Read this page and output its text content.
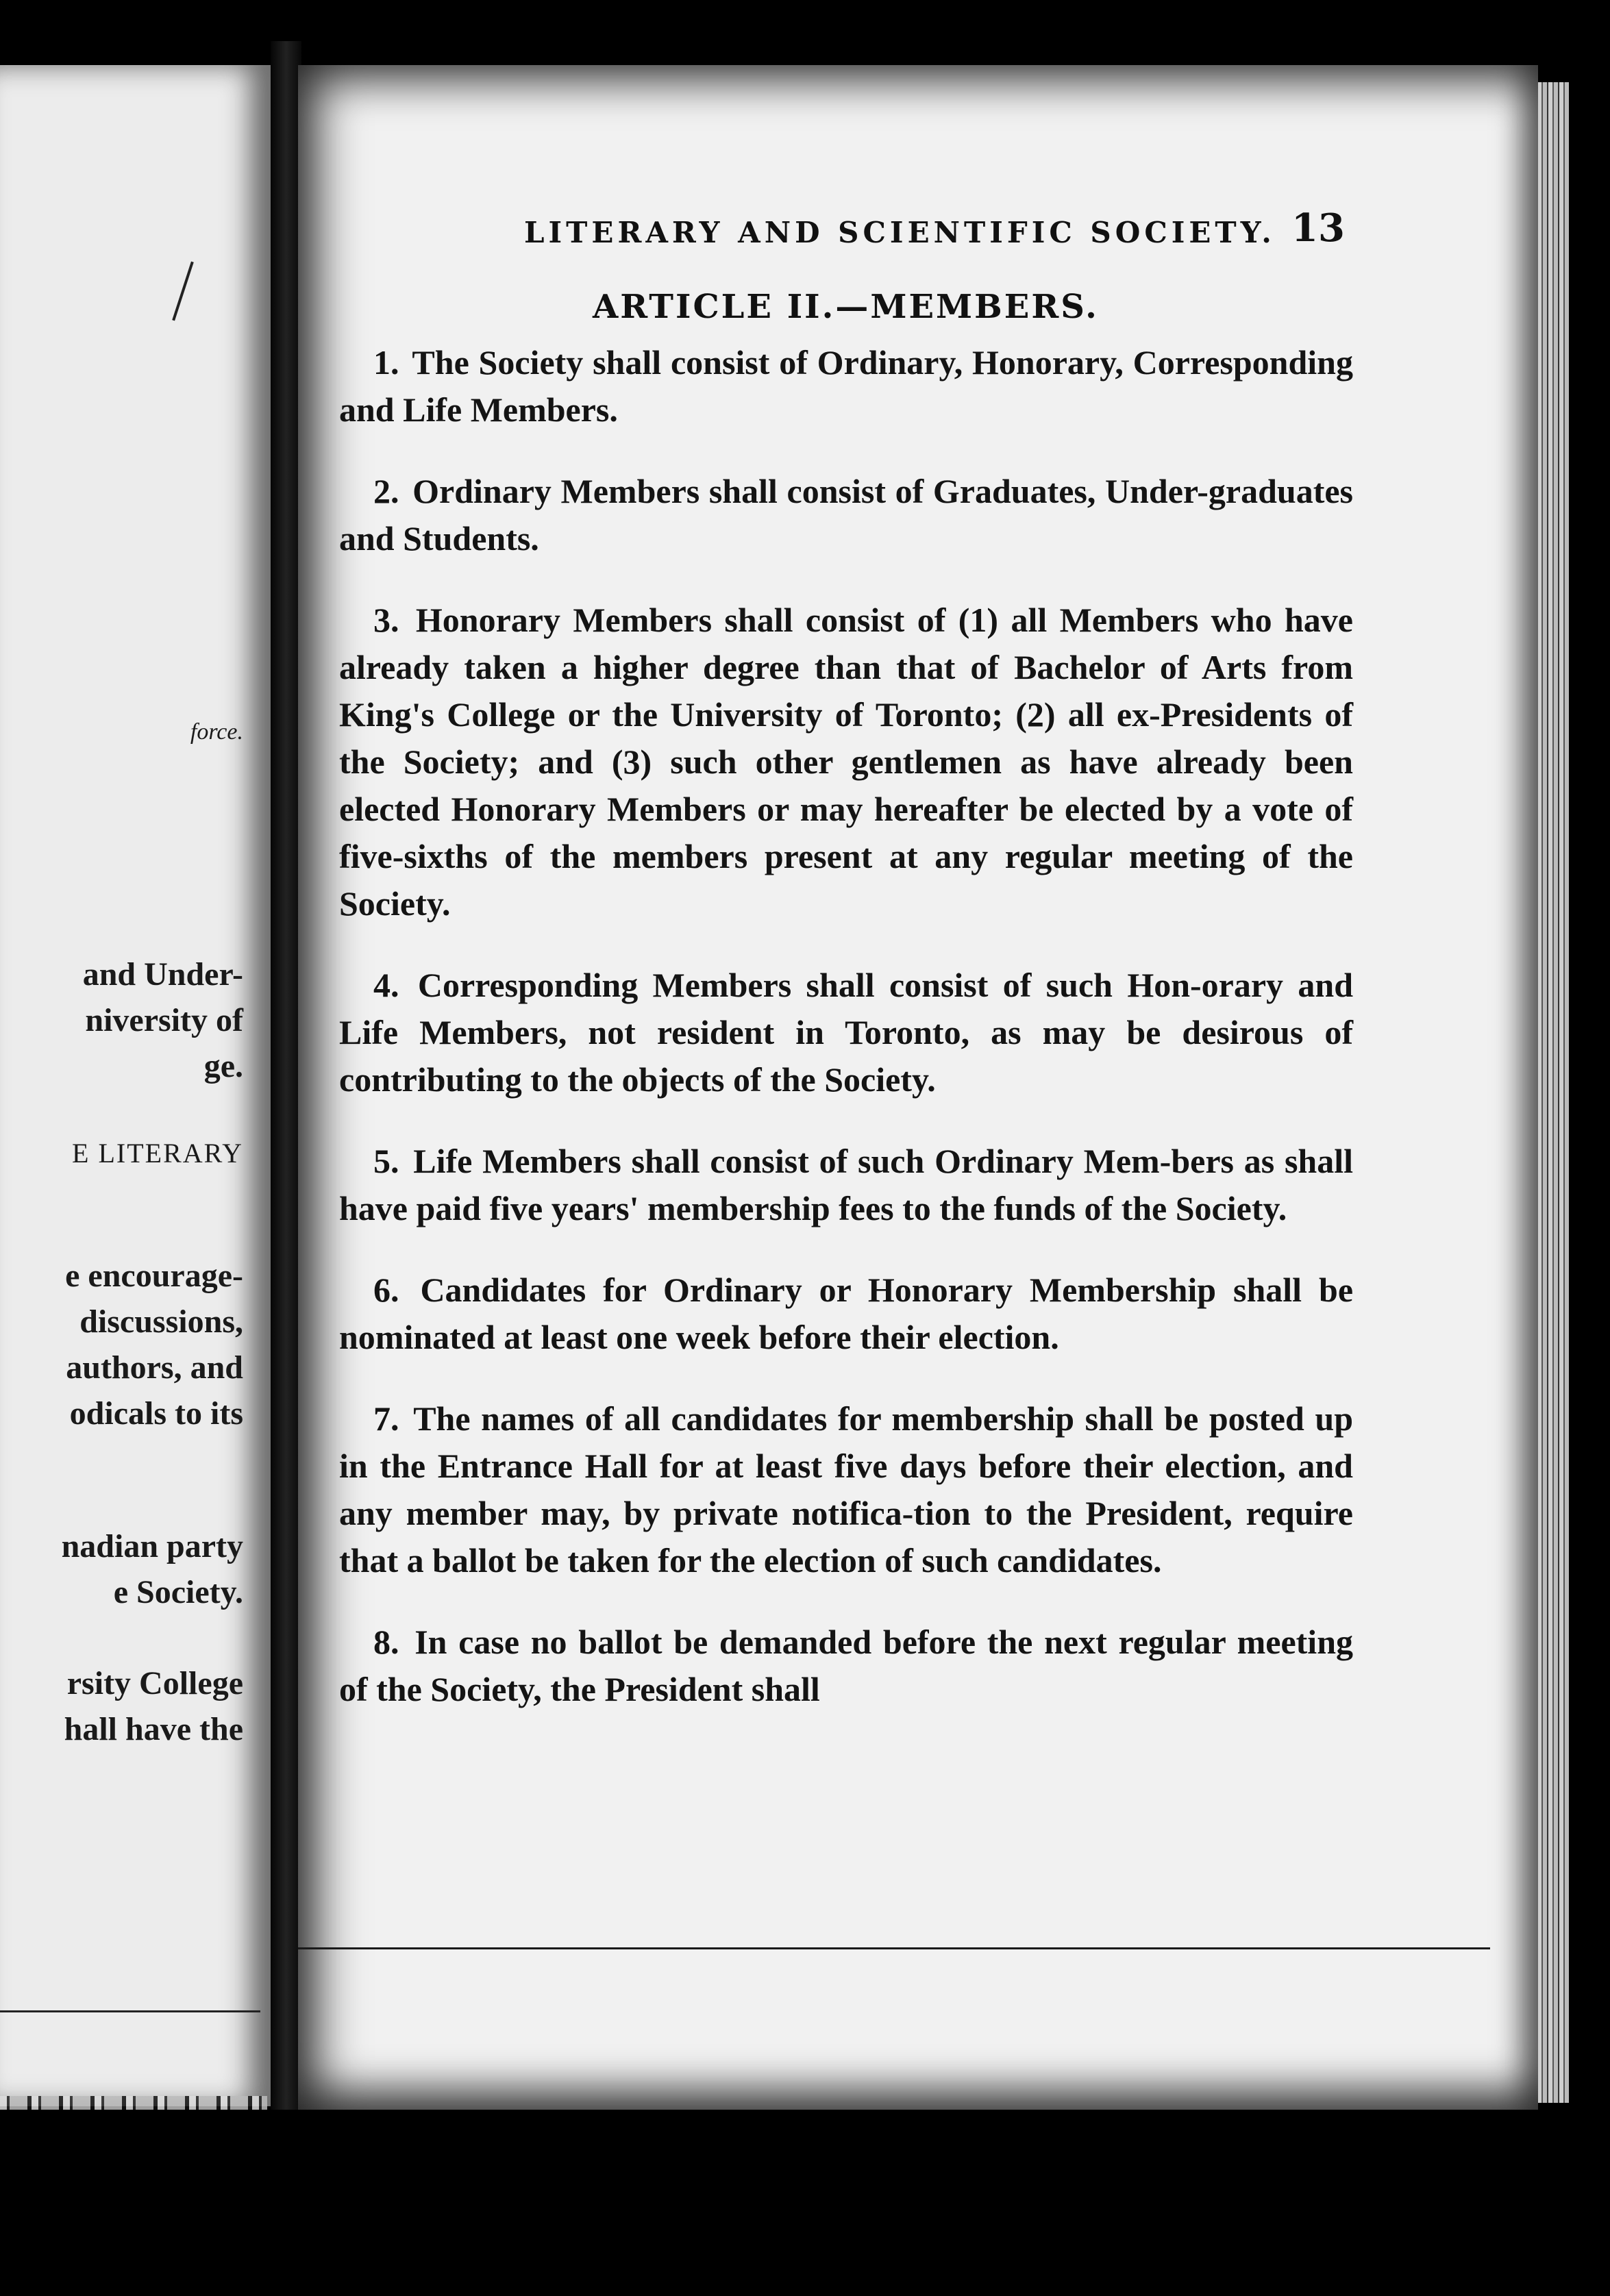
force.
and Under-
niversity of
ge.
E LITERARY
e encourage-
discussions,
authors, and
odicals to its
nadian party
e Society.
rsity College
hall have the
LITERARY AND SCIENTIFIC SOCIETY. 13
ARTICLE II.—MEMBERS.

1. The Society shall consist of Ordinary, Honorary, Corresponding and Life Members.

2. Ordinary Members shall consist of Graduates, Under-graduates and Students.

3. Honorary Members shall consist of (1) all Members who have already taken a higher degree than that of Bachelor of Arts from King's College or the University of Toronto; (2) all ex-Presidents of the Society; and (3) such other gentlemen as have already been elected Honorary Members or may hereafter be elected by a vote of five-sixths of the members present at any regular meeting of the Society.

4. Corresponding Members shall consist of such Hon-orary and Life Members, not resident in Toronto, as may be desirous of contributing to the objects of the Society.

5. Life Members shall consist of such Ordinary Mem-bers as shall have paid five years' membership fees to the funds of the Society.

6. Candidates for Ordinary or Honorary Membership shall be nominated at least one week before their election.

7. The names of all candidates for membership shall be posted up in the Entrance Hall for at least five days before their election, and any member may, by private notifica-tion to the President, require that a ballot be taken for the election of such candidates.

8. In case no ballot be demanded before the next regular meeting of the Society, the President shall
